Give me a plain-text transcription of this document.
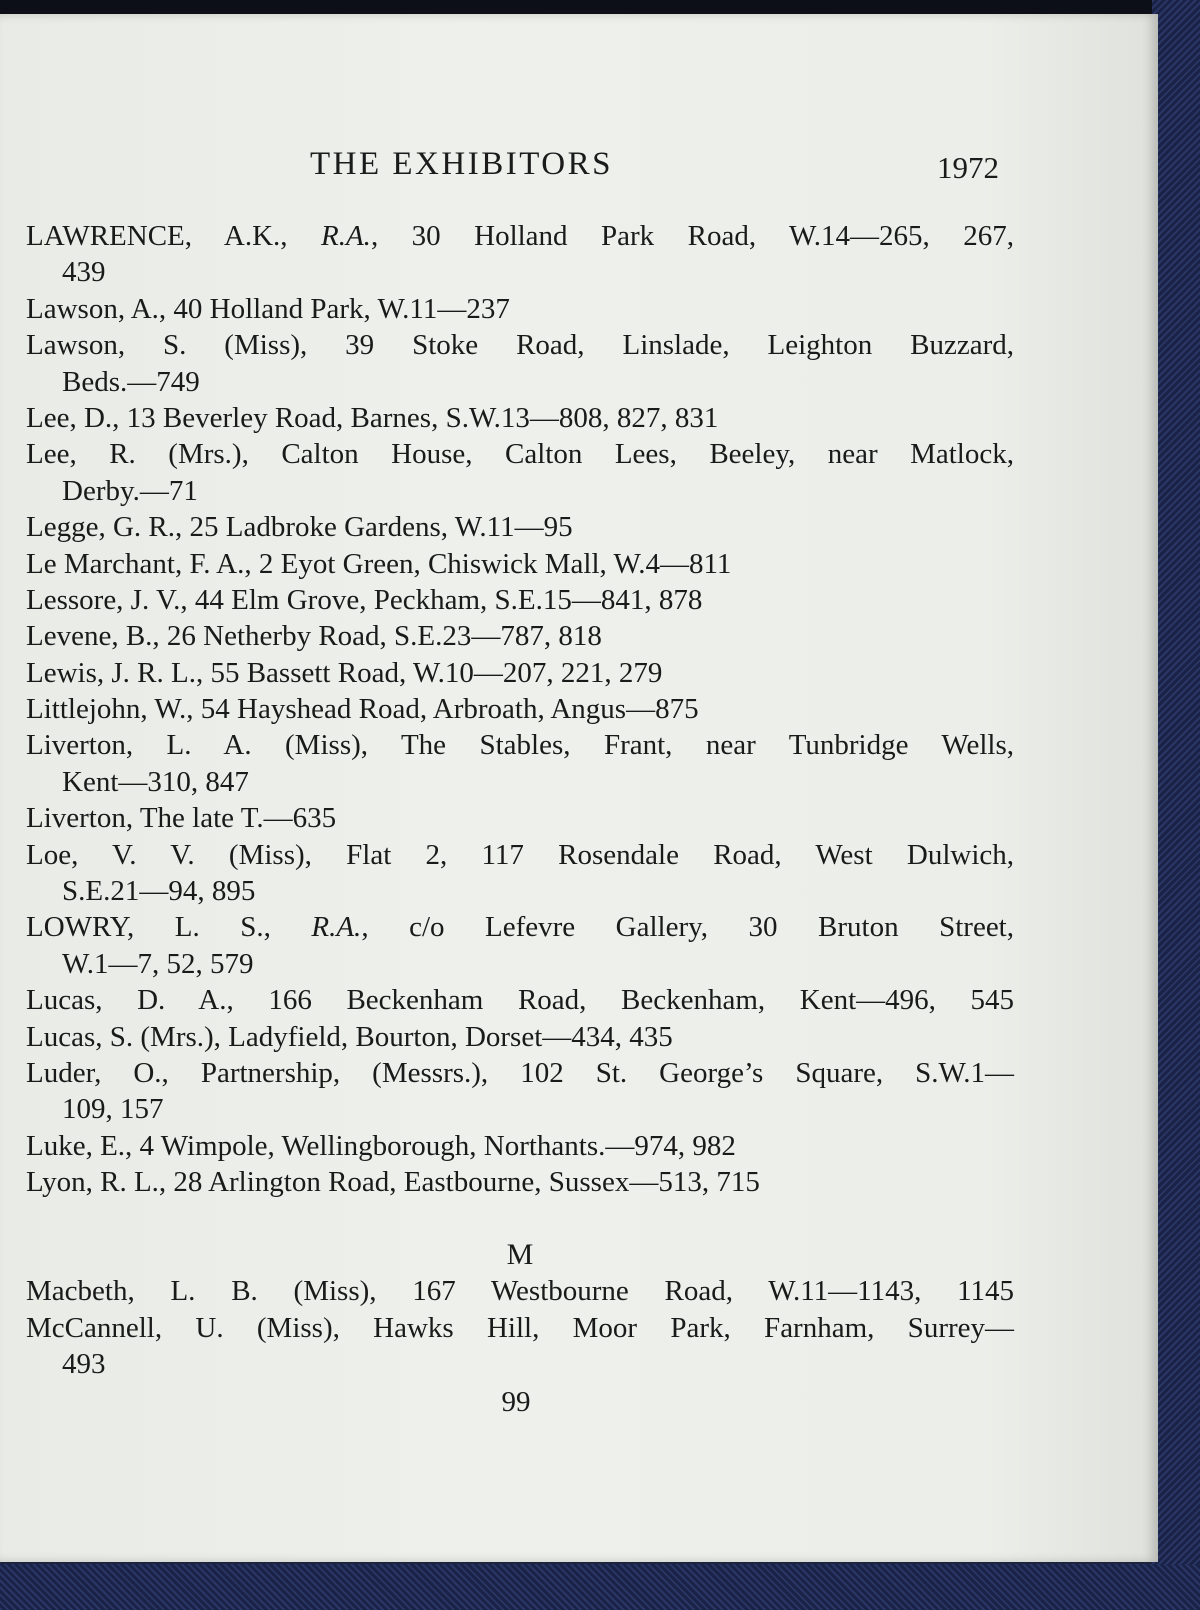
THE EXHIBITORS	1972
LAWRENCE, A.K., R.A., 30 Holland Park Road, W.14—265, 267,
439
Lawson, A., 40 Holland Park, W.11—237
Lawson, S. (Miss), 39 Stoke Road, Linslade, Leighton Buzzard,
Beds.—749
Lee, D., 13 Beverley Road, Barnes, S.W.13—808, 827, 831
Lee, R. (Mrs.), Calton House, Calton Lees, Beeley, near Matlock,
Derby.—71
Legge, G. R., 25 Ladbroke Gardens, W.11—95
Le Marchant, F. A., 2 Eyot Green, Chiswick Mall, W.4—811
Lessore, J. V., 44 Elm Grove, Peckham, S.E.15—841, 878
Levene, B., 26 Netherby Road, S.E.23—787, 818
Lewis, J. R. L., 55 Bassett Road, W.10—207, 221, 279
Littlejohn, W., 54 Hayshead Road, Arbroath, Angus—875
Liverton, L. A. (Miss), The Stables, Frant, near Tunbridge Wells,
Kent—310, 847
Liverton, The late T.—635
Loe, V. V. (Miss), Flat 2, 117 Rosendale Road, West Dulwich,
S.E.21—94, 895
LOWRY, L. S., R.A., c/o Lefevre Gallery, 30 Bruton Street,
W.1—7, 52, 579
Lucas, D. A., 166 Beckenham Road, Beckenham, Kent—496, 545
Lucas, S. (Mrs.), Ladyfield, Bourton, Dorset—434, 435
Luder, O., Partnership, (Messrs.), 102 St. George’s Square, S.W.1—
109, 157
Luke, E., 4 Wimpole, Wellingborough, Northants.—974, 982
Lyon, R. L., 28 Arlington Road, Eastbourne, Sussex—513, 715
M
Macbeth, L. B. (Miss), 167 Westbourne Road, W.11—1143, 1145
McCannell, U. (Miss), Hawks Hill, Moor Park, Farnham, Surrey—
493
99
